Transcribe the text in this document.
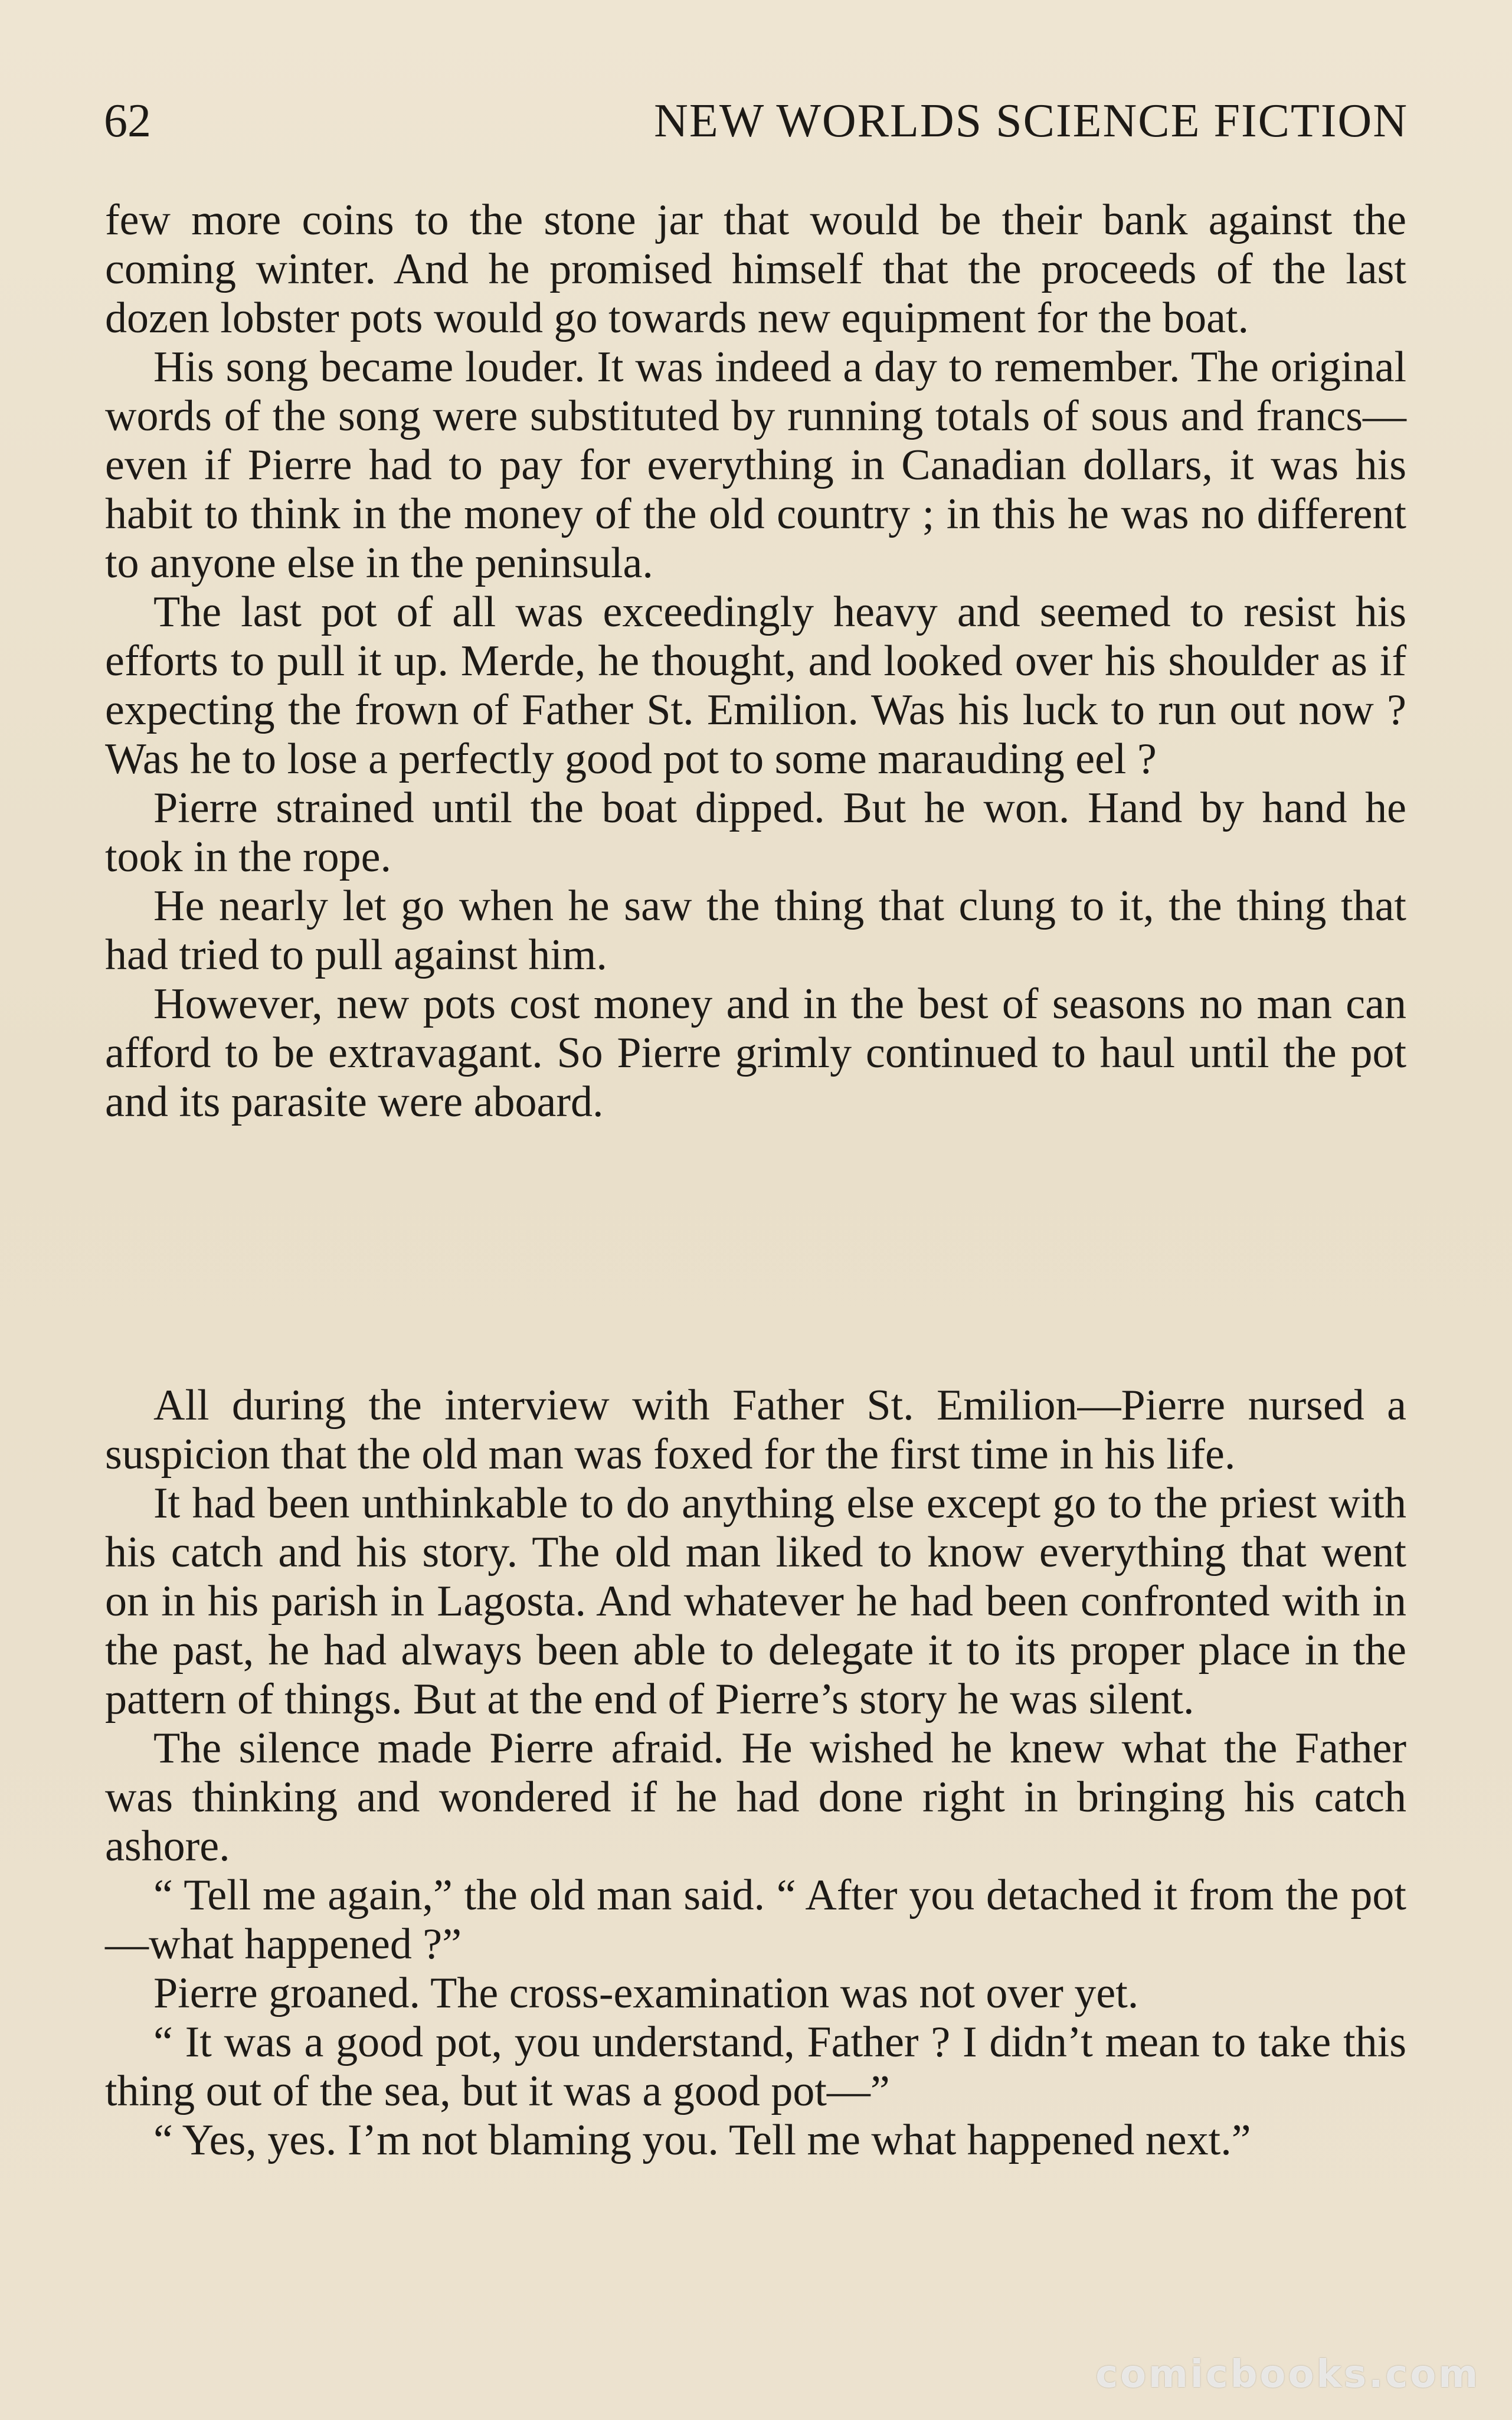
62	NEW WORLDS SCIENCE FICTION

few more coins to the stone jar that would be their bank against the coming winter. And he promised himself that the proceeds of the last dozen lobster pots would go towards new equipment for the boat.

His song became louder. It was indeed a day to remember. The original words of the song were substituted by running totals of sous and francs—even if Pierre had to pay for everything in Canadian dollars, it was his habit to think in the money of the old country ; in this he was no different to anyone else in the peninsula.

The last pot of all was exceedingly heavy and seemed to resist his efforts to pull it up. Merde, he thought, and looked over his shoulder as if expecting the frown of Father St. Emilion. Was his luck to run out now ? Was he to lose a perfectly good pot to some marauding eel ?

Pierre strained until the boat dipped. But he won. Hand by hand he took in the rope.

He nearly let go when he saw the thing that clung to it, the thing that had tried to pull against him.

However, new pots cost money and in the best of seasons no man can afford to be extravagant. So Pierre grimly continued to haul until the pot and its parasite were aboard.

All during the interview with Father St. Emilion—Pierre nursed a suspicion that the old man was foxed for the first time in his life.

It had been unthinkable to do anything else except go to the priest with his catch and his story. The old man liked to know everything that went on in his parish in Lagosta. And whatever he had been confronted with in the past, he had always been able to delegate it to its proper place in the pattern of things. But at the end of Pierre’s story he was silent.

The silence made Pierre afraid. He wished he knew what the Father was thinking and wondered if he had done right in bringing his catch ashore.

“ Tell me again,” the old man said. “ After you detached it from the pot—what happened ?”

Pierre groaned. The cross-examination was not over yet.

“ It was a good pot, you understand, Father ? I didn’t mean to take this thing out of the sea, but it was a good pot—”

“ Yes, yes. I’m not blaming you. Tell me what happened next.”

comicbooks.com
